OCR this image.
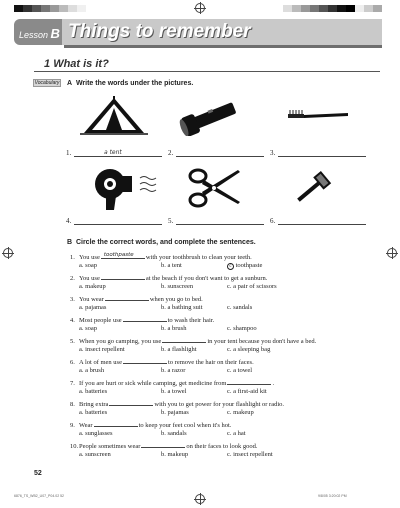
Lesson B Things to remember
1 What is it?
Vocabulary A Write the words under the pictures.
1.	a tent	2.	3.
4.	5.	6.
B Circle the correct words, and complete the sentences.
1. You use toothpaste with your toothbrush to clean your teeth.
a. soap	b. a tent	c toothpaste
2. You use	at the beach if you don't want to get a sunburn.
a. makeup	b. sunscreen	c. a pair of scissors
3. You wear	when you go to bed.
a. pajamas	b. a bathing suit	c. sandals
4. Most people use	to wash their hair.
a. soap	b. a brush	c. shampoo
5. When you go camping, you use	in your tent because you don't have a bed.
a. insect repellent	b. a flashlight	c. a sleeping bag
6. A lot of men use	to remove the hair on their faces.
a. a brush	b. a razor	c. a towel
7. If you are hurt or sick while camping, get medicine from	.
a. batteries	b. a towel	c. a first-aid kit
8. Bring extra	with you to get power for your flashlight or radio.
a. batteries	b. pajamas	c. makeup
9. Wear	to keep your feet cool when it's hot.
a. sunglasses	b. sandals	c. a hat
10. People sometimes wear	on their faces to look good.
a. sunscreen	b. makeup	c. insect repellent
52
6876_TS_WB2_U07_P04.02 52	9/8/05 3:20:02 PM
